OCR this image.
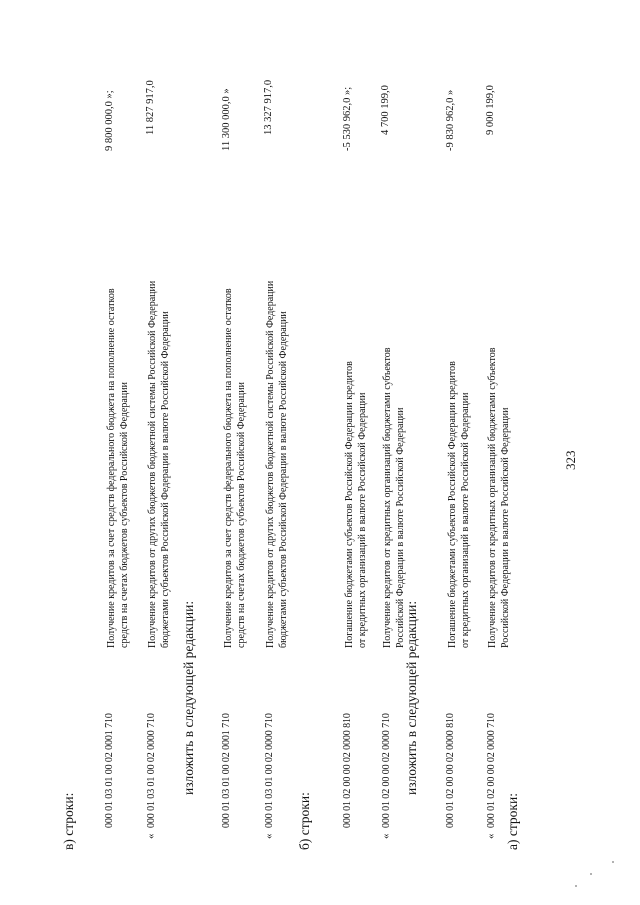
323
а) строки:
«
000 01 02 00 00 02 0000 710
Получение кредитов от кредитных организаций бюджетами субъектов Российской Федерации в валюте Российской Федерации
9 000 199,0
000 01 02 00 00 02 0000 810
Погашение бюджетами субъектов Российской Федерации кредитов от кредитных организаций в валюте Российской Федерации
-9 830 962,0 »
изложить в следующей редакции:
«
000 01 02 00 00 02 0000 710
Получение кредитов от кредитных организаций бюджетами субъектов Российской Федерации в валюте Российской Федерации
4 700 199,0
000 01 02 00 00 02 0000 810
Погашение бюджетами субъектов Российской Федерации кредитов от кредитных организаций в валюте Российской Федерации
-5 530 962,0 »;
б) строки:
«
000 01 03 01 00 02 0000 710
Получение кредитов от других бюджетов бюджетной системы Российской Федерации бюджетами субъектов Российской Федерации в валюте Российской Федерации
13 327 917,0
000 01 03 01 00 02 0001 710
Получение кредитов за счет средств федерального бюджета на пополнение остатков средств на счетах бюджетов субъектов Российской Федерации
11 300 000,0 »
изложить в следующей редакции:
«
000 01 03 01 00 02 0000 710
Получение кредитов от других бюджетов бюджетной системы Российской Федерации бюджетами субъектов Российской Федерации в валюте Российской Федерации
11 827 917,0
000 01 03 01 00 02 0001 710
Получение кредитов за счет средств федерального бюджета на пополнение остатков средств на счетах бюджетов субъектов Российской Федерации
9 800 000,0 »;
в) строки:
